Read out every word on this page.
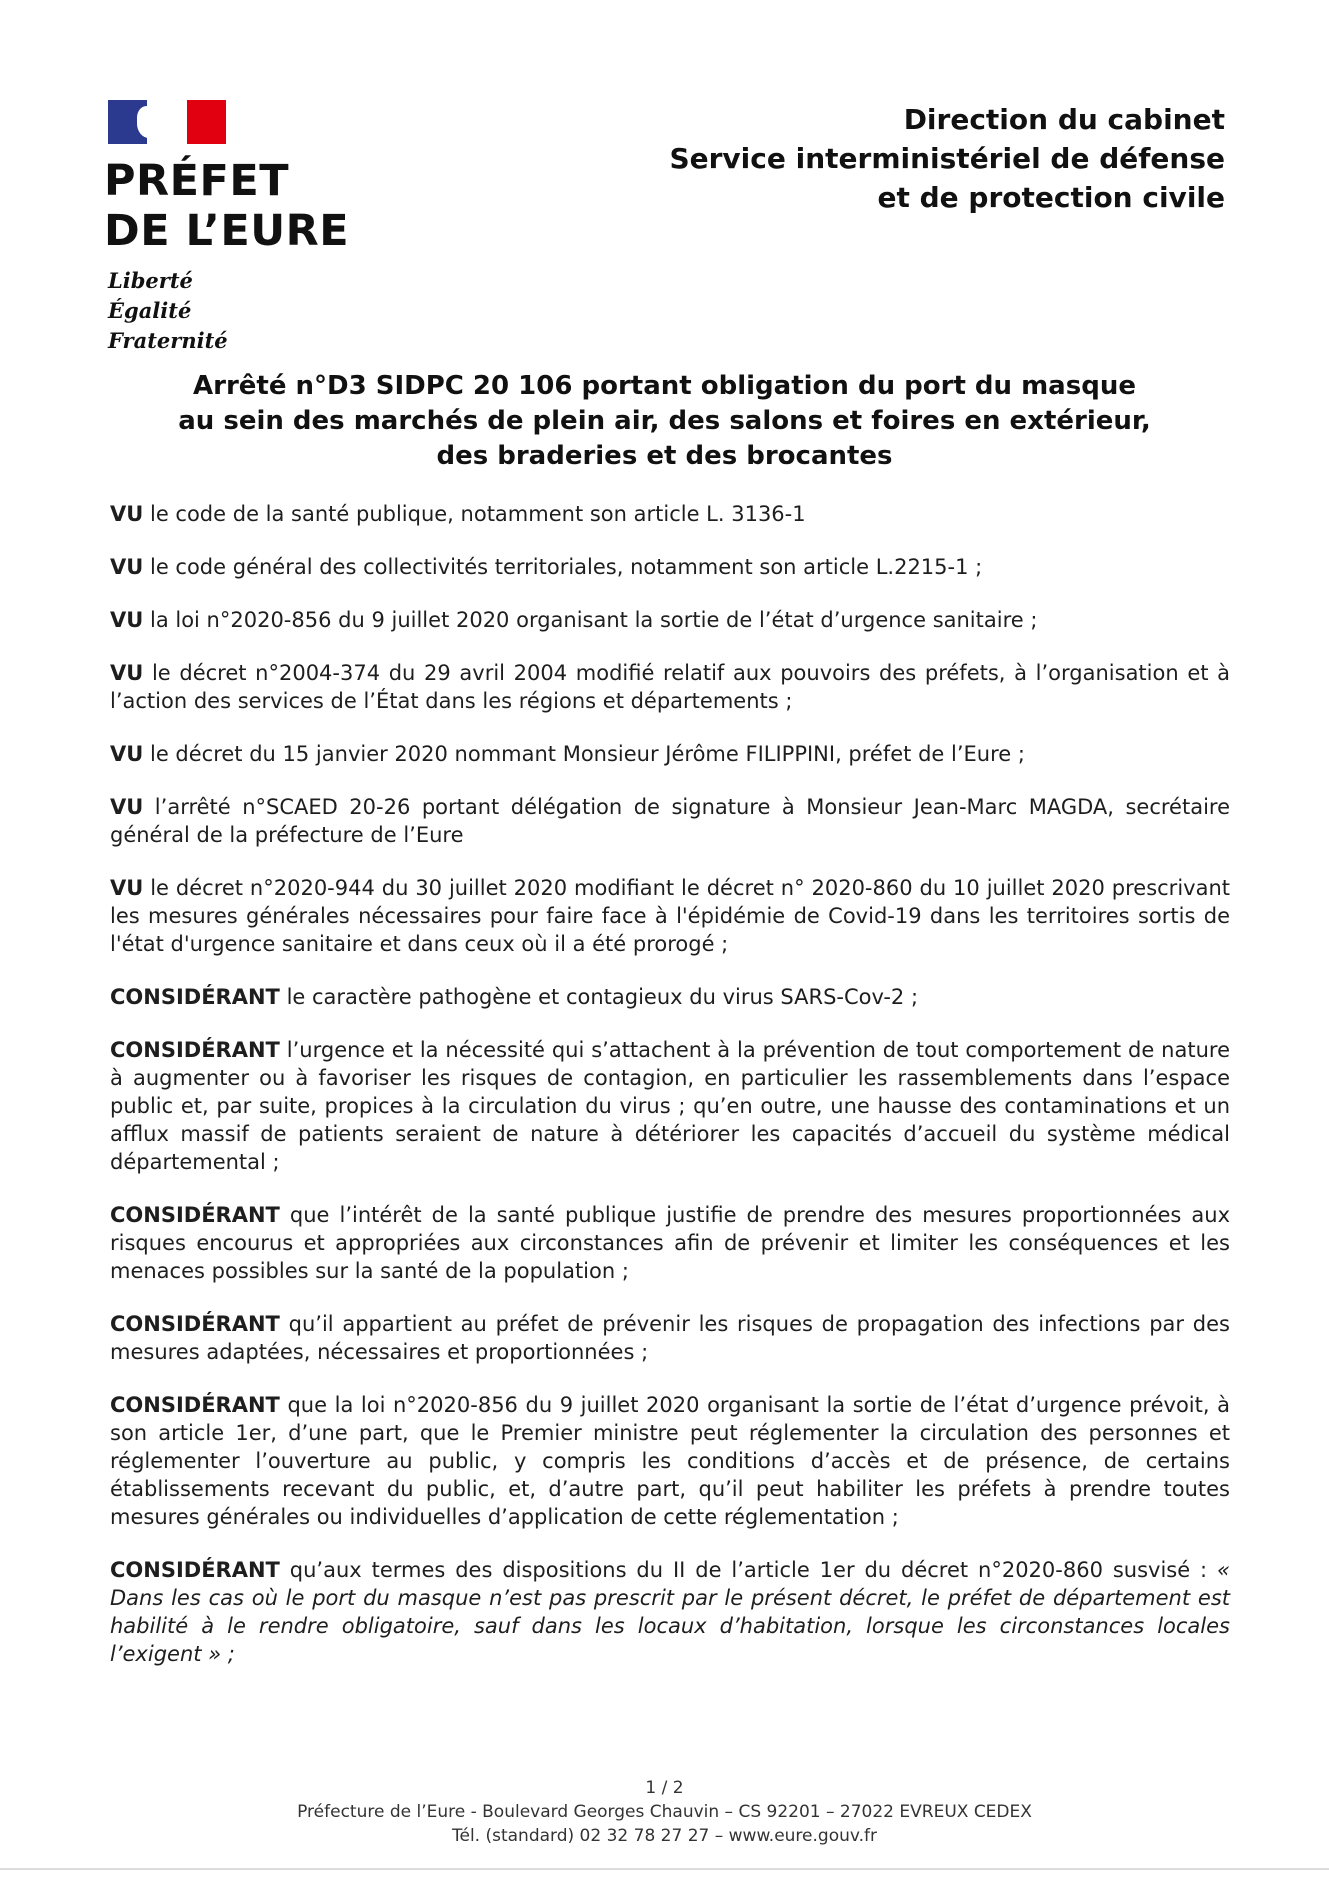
PRÉFET
DE L’EURE
Liberté
Égalité
Fraternité
Direction du cabinet
Service interministériel de défense
et de protection civile
Arrêté n°D3 SIDPC 20 106 portant obligation du port du masque
au sein des marchés de plein air, des salons et foires en extérieur,
des braderies et des brocantes

VU le code de la santé publique, notamment son article L. 3136-1

VU le code général des collectivités territoriales, notamment son article L.2215-1 ;

VU la loi n°2020-856 du 9 juillet 2020 organisant la sortie de l’état d’urgence sanitaire ;

VU le décret n°2004-374 du 29 avril 2004 modifié relatif aux pouvoirs des préfets, à l’organisation et à l’action des services de l’État dans les régions et départements ;

VU le décret du 15 janvier 2020 nommant Monsieur Jérôme FILIPPINI, préfet de l’Eure ;

VU l’arrêté n°SCAED 20-26 portant délégation de signature à Monsieur Jean-Marc MAGDA, secrétaire général de la préfecture de l’Eure

VU le décret n°2020-944 du 30 juillet 2020 modifiant le décret n° 2020-860 du 10 juillet 2020 prescrivant les mesures générales nécessaires pour faire face à l'épidémie de Covid-19 dans les territoires sortis de l'état d'urgence sanitaire et dans ceux où il a été prorogé ;

CONSIDÉRANT le caractère pathogène et contagieux du virus SARS-Cov-2 ;

CONSIDÉRANT l’urgence et la nécessité qui s’attachent à la prévention de tout comportement de nature à augmenter ou à favoriser les risques de contagion, en particulier les rassemblements dans l’espace public et, par suite, propices à la circulation du virus ; qu’en outre, une hausse des contaminations et un afflux massif de patients seraient de nature à détériorer les capacités d’accueil du système médical départemental ;

CONSIDÉRANT que l’intérêt de la santé publique justifie de prendre des mesures proportionnées aux risques encourus et appropriées aux circonstances afin de prévenir et limiter les conséquences et les menaces possibles sur la santé de la population ;

CONSIDÉRANT qu’il appartient au préfet de prévenir les risques de propagation des infections par des mesures adaptées, nécessaires et proportionnées ;

CONSIDÉRANT que la loi n°2020-856 du 9 juillet 2020 organisant la sortie de l’état d’urgence prévoit, à son article 1er, d’une part, que le Premier ministre peut réglementer la circulation des personnes et réglementer l’ouverture au public, y compris les conditions d’accès et de présence, de certains établissements recevant du public, et, d’autre part, qu’il peut habiliter les préfets à prendre toutes mesures générales ou individuelles d’application de cette réglementation ;

CONSIDÉRANT qu’aux termes des dispositions du II de l’article 1er du décret n°2020-860 susvisé : « Dans les cas où le port du masque n’est pas prescrit par le présent décret, le préfet de département est habilité à le rendre obligatoire, sauf dans les locaux d’habitation, lorsque les circonstances locales l’exigent » ;

1 / 2
Préfecture de l’Eure - Boulevard Georges Chauvin – CS 92201 – 27022 EVREUX CEDEX
Tél. (standard) 02 32 78 27 27 – www.eure.gouv.fr
